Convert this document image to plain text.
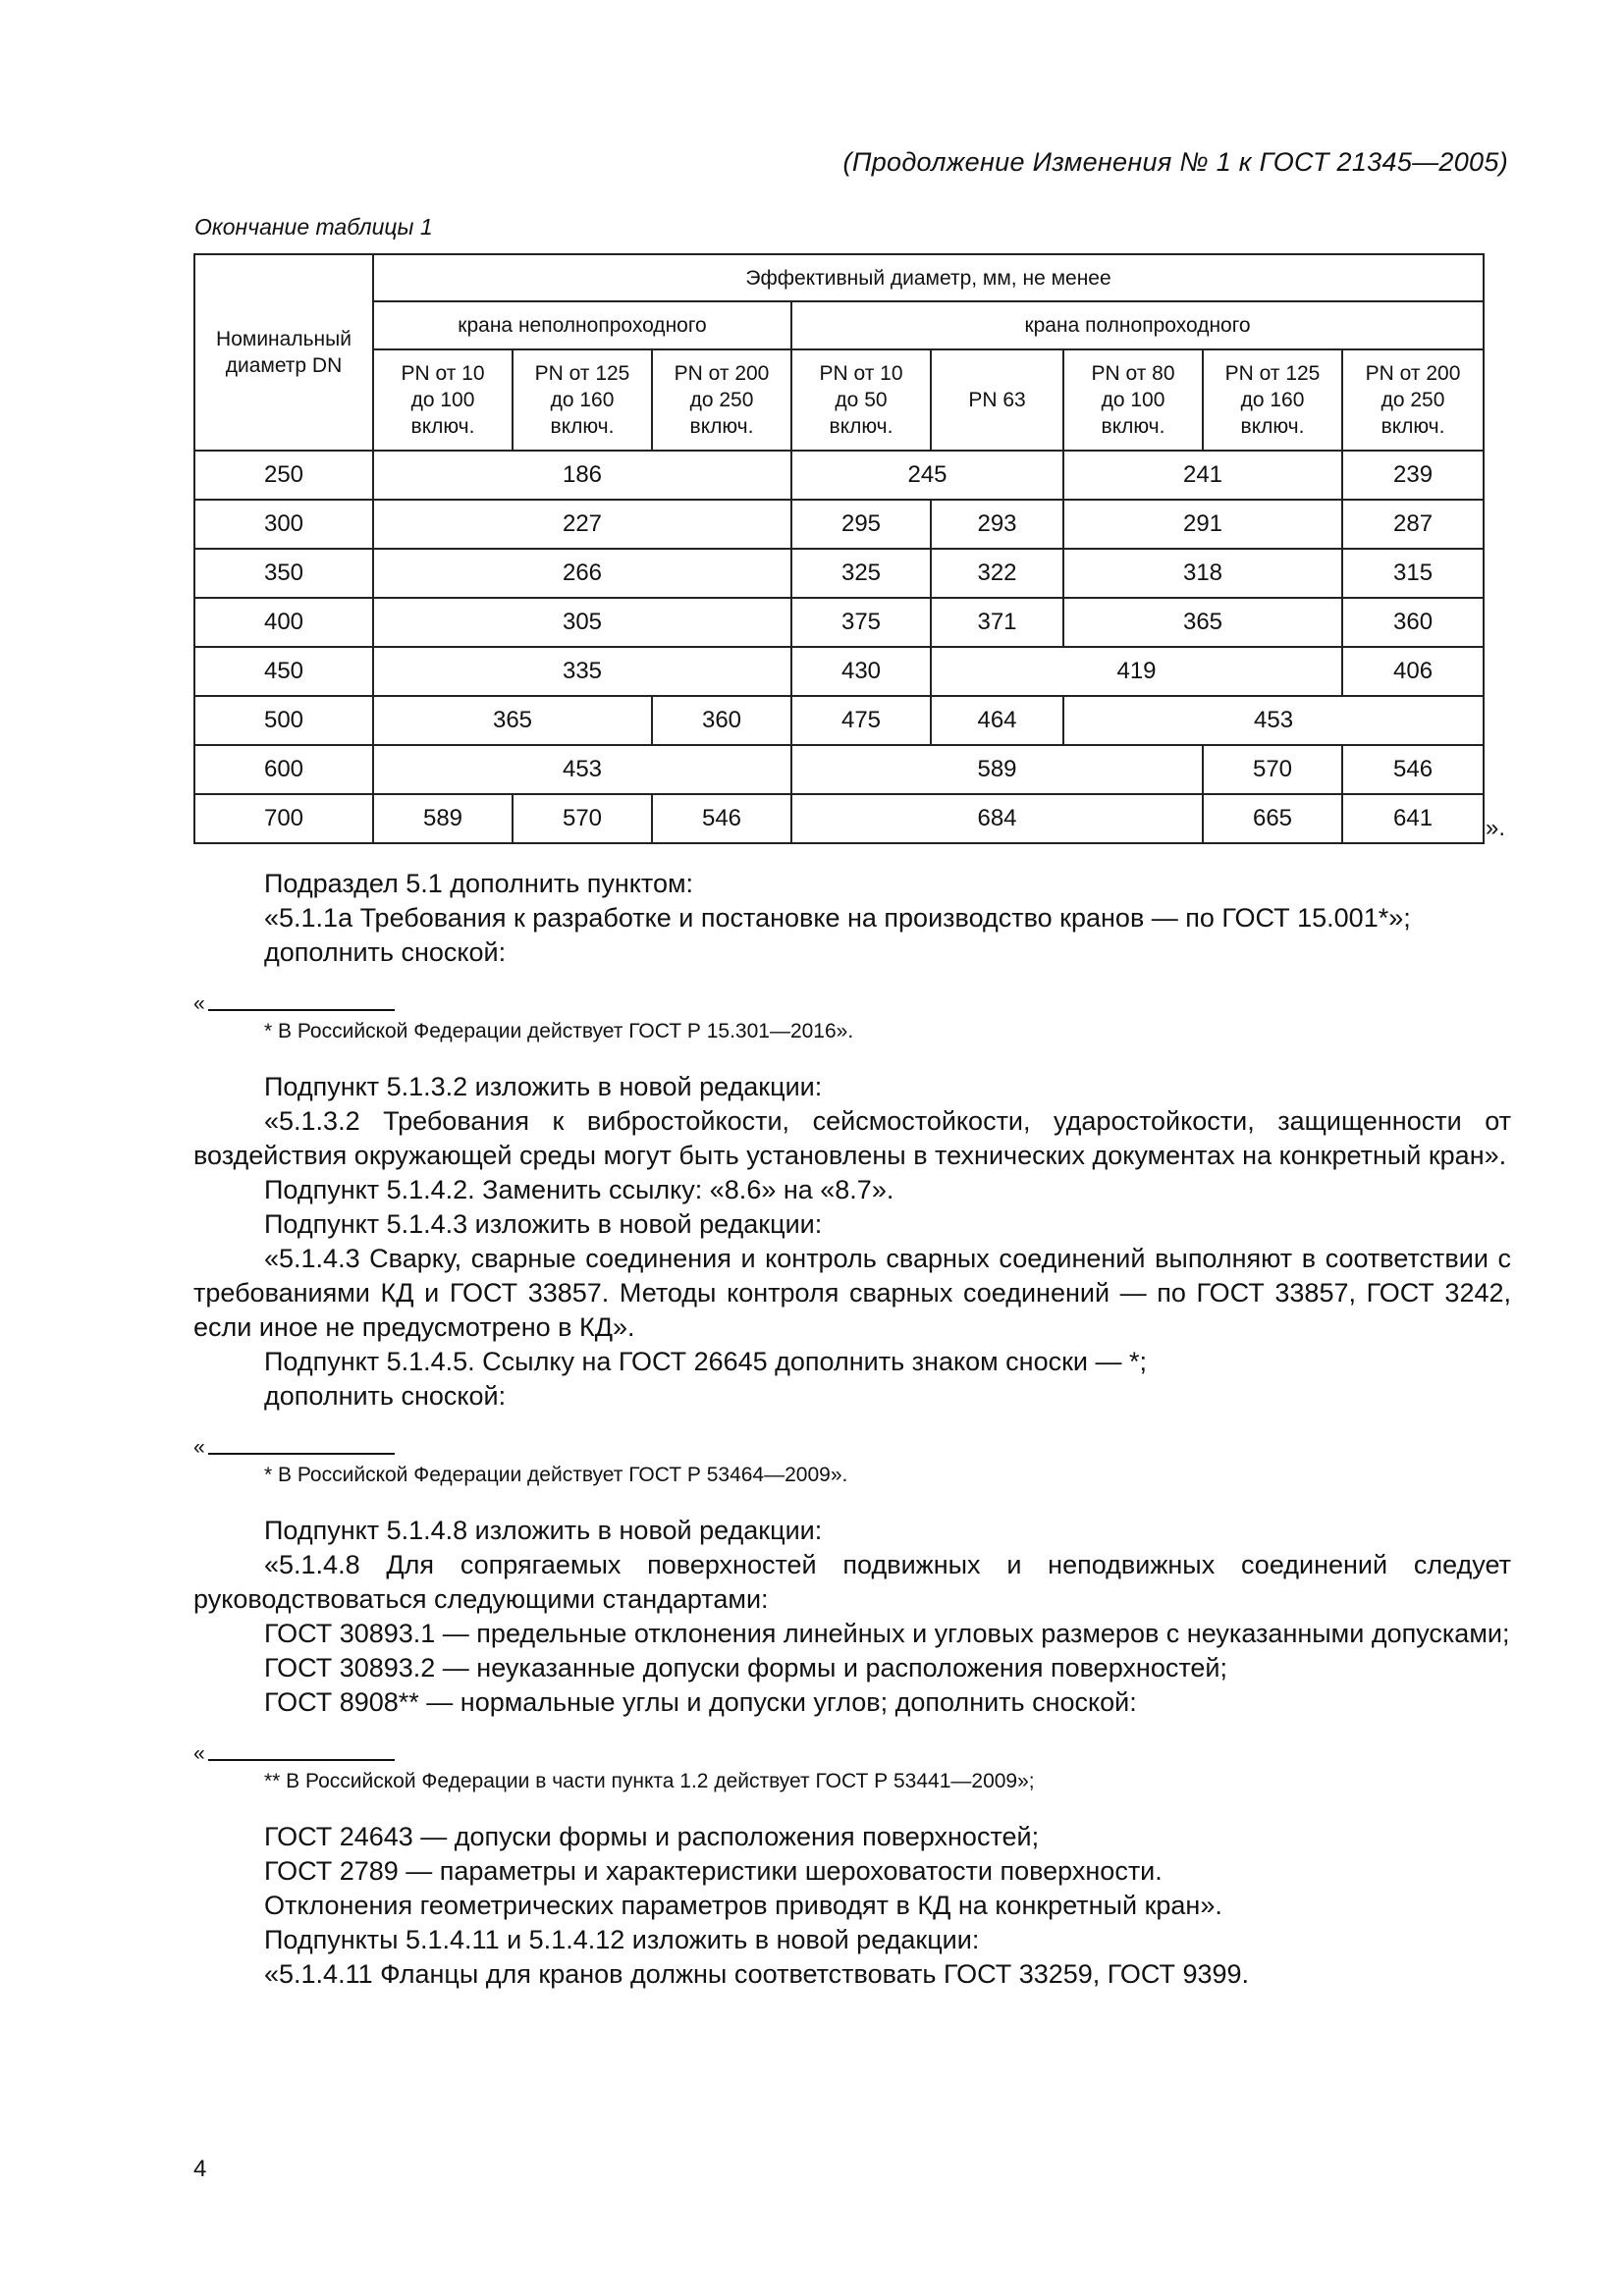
(Продолжение Изменения № 1 к ГОСТ 21345—2005)
Окончание таблицы 1
Номинальный диаметр DN	Эффективный диаметр, мм, не менее							
	крана неполнопроходного			крана полнопроходного				
	PN от 10 до 100 включ.	PN от 125 до 160 включ.	PN от 200 до 250 включ.	PN от 10 до 50 включ.	PN 63	PN от 80 до 100 включ.	PN от 125 до 160 включ.	PN от 200 до 250 включ.
250	186			245		241		239
300	227			295	293	291		287
350	266			325	322	318		315
400	305			375	371	365		360
450	335			430	419			406
500	365		360	475	464	453		
600	453			589			570	546
700	589	570	546	684			665	641 ».

Подраздел 5.1 дополнить пунктом:

«5.1.1а Требования к разработке и постановке на производство кранов — по ГОСТ 15.001*»;

дополнить сноской:

«
* В Российской Федерации действует ГОСТ Р 15.301—2016».

Подпункт 5.1.3.2 изложить в новой редакции:

«5.1.3.2 Требования к вибростойкости, сейсмостойкости, ударостойкости, защищенности от воздействия окружающей среды могут быть установлены в технических документах на конкретный кран».

Подпункт 5.1.4.2. Заменить ссылку: «8.6» на «8.7».

Подпункт 5.1.4.3 изложить в новой редакции:

«5.1.4.3 Сварку, сварные соединения и контроль сварных соединений выполняют в соответствии с требованиями КД и ГОСТ 33857. Методы контроля сварных соединений — по ГОСТ 33857, ГОСТ 3242, если иное не предусмотрено в КД».

Подпункт 5.1.4.5. Ссылку на ГОСТ 26645 дополнить знаком сноски — *;

дополнить сноской:

«
* В Российской Федерации действует ГОСТ Р 53464—2009».

Подпункт 5.1.4.8 изложить в новой редакции:

«5.1.4.8 Для сопрягаемых поверхностей подвижных и неподвижных соединений следует руководствоваться следующими стандартами:

ГОСТ 30893.1 — предельные отклонения линейных и угловых размеров с неуказанными допусками;

ГОСТ 30893.2 — неуказанные допуски формы и расположения поверхностей;

ГОСТ 8908** — нормальные углы и допуски углов; дополнить сноской:

«
** В Российской Федерации в части пункта 1.2 действует ГОСТ Р 53441—2009»;

ГОСТ 24643 — допуски формы и расположения поверхностей;

ГОСТ 2789 — параметры и характеристики шероховатости поверхности.

Отклонения геометрических параметров приводят в КД на конкретный кран».

Подпункты 5.1.4.11 и 5.1.4.12 изложить в новой редакции:

«5.1.4.11 Фланцы для кранов должны соответствовать ГОСТ 33259, ГОСТ 9399.

4
